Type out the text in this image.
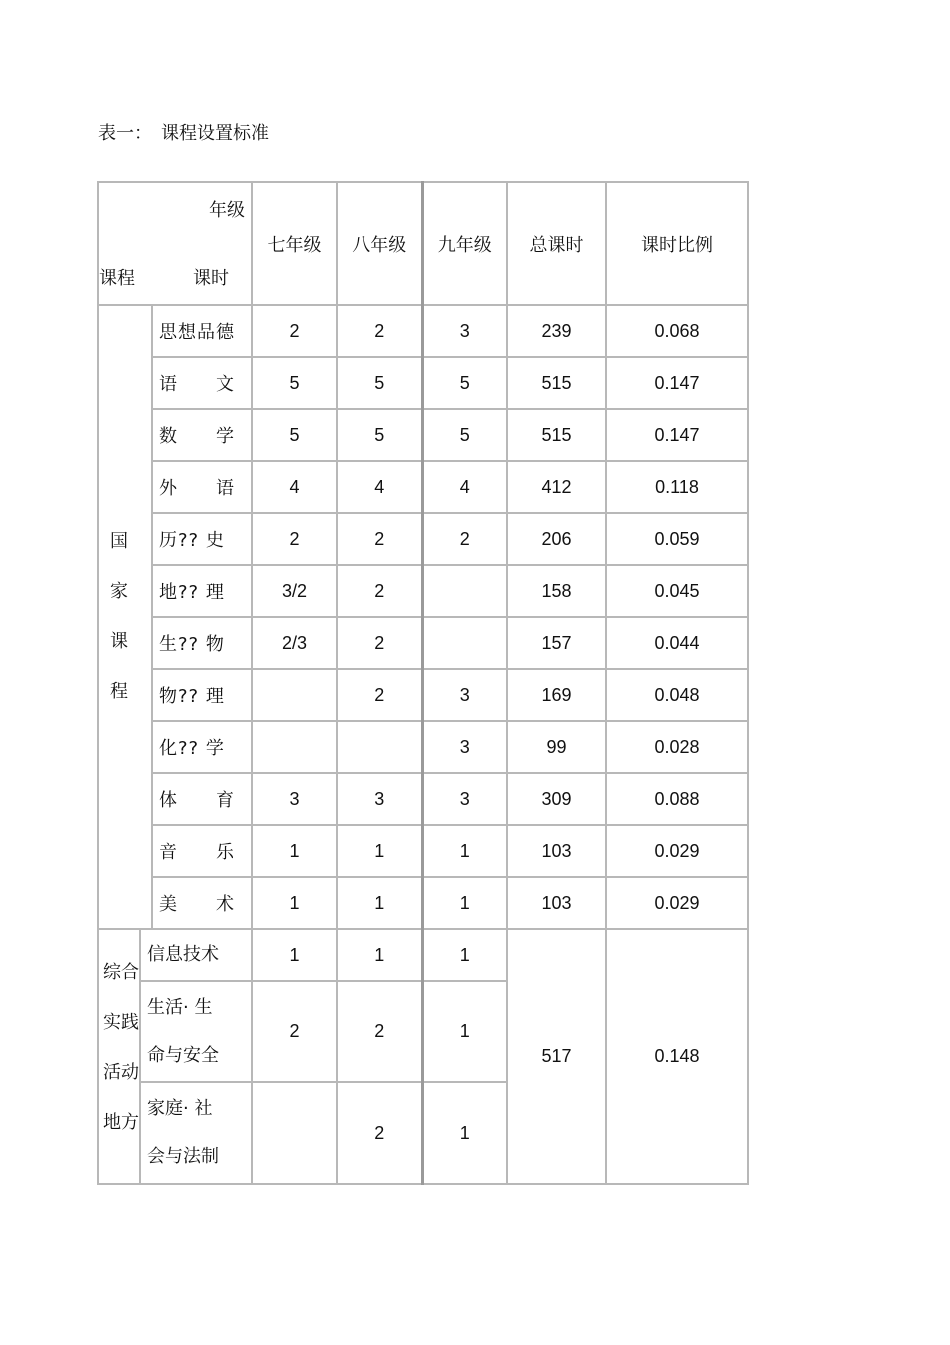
表一：　课程设置标准
年级
课程 课时			七年级	八年级	九年级	总课时	课时比例

国
家
课
程		思想品德	2	2	3	239	0.068
		语　　文	5	5	5	515	0.147
		数　　学	5	5	5	515	0.147
		外　　语	4	4	4	412	0.118
		历?? 史	2	2	2	206	0.059
		地?? 理	3/2	2		158	0.045
		生?? 物	2/3	2		157	0.044
		物?? 理		2	3	169	0.048
		化?? 学			3	99	0.028
		体　　育	3	3	3	309	0.088
		音　　乐	1	1	1	103	0.029
		美　　术	1	1	1	103	0.029

综合
实践
活动
地方	信息技术		1	1	1	517	0.148

	生活· 生
命与安全		2	2	1		

	家庭· 社
会与法制			2	1		
